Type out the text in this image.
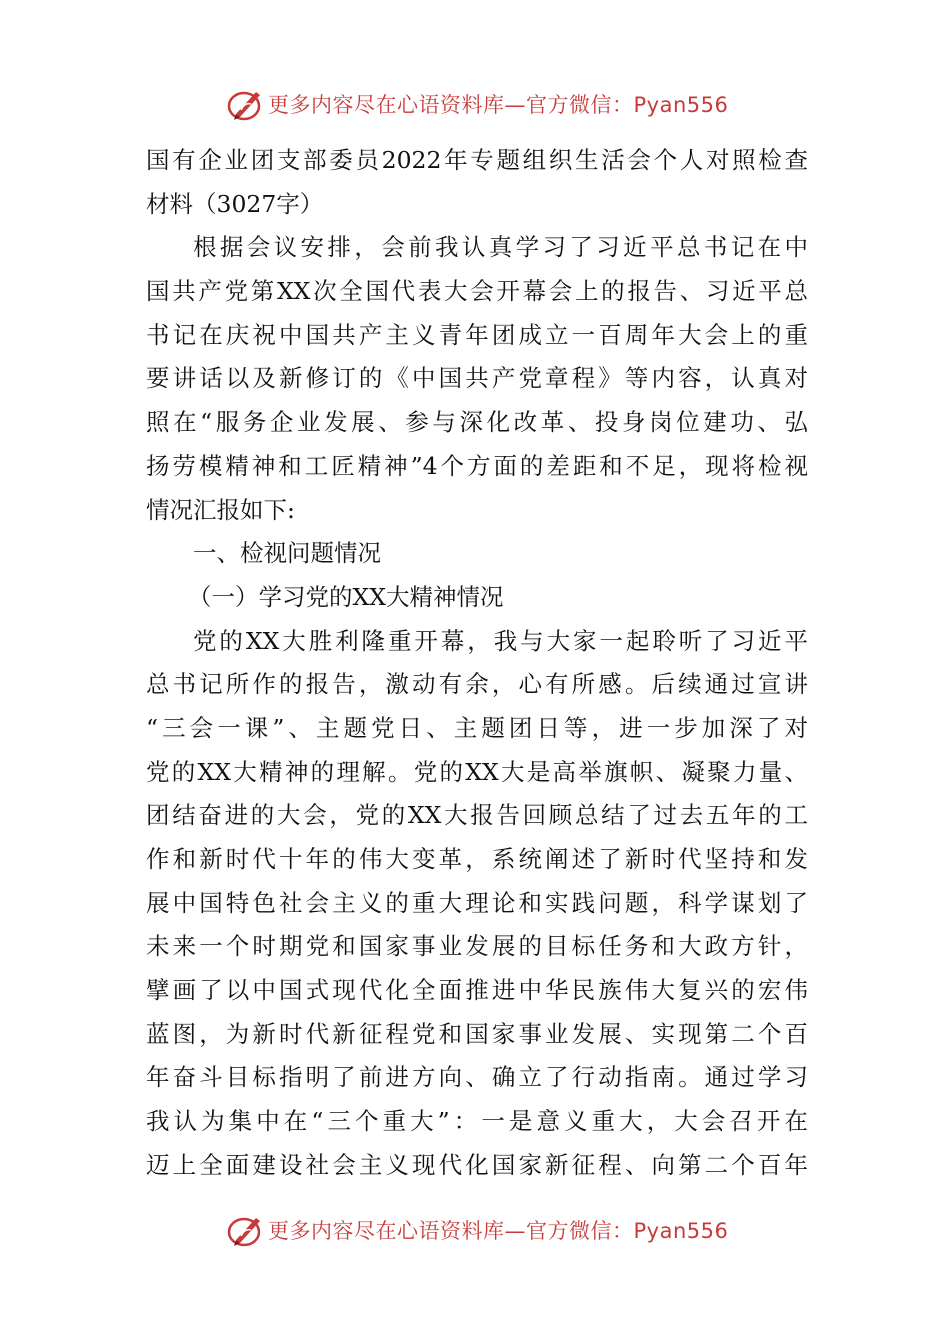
更多内容尽在心语资料库—官方微信：Pyan556
国有企业团支部委员2022年专题组织生活会个人对照检查
材料（3027字）
根据会议安排，会前我认真学习了习近平总书记在中
国共产党第XX次全国代表大会开幕会上的报告、习近平总
书记在庆祝中国共产主义青年团成立一百周年大会上的重
要讲话以及新修订的《中国共产党章程》等内容，认真对
照在“服务企业发展、参与深化改革、投身岗位建功、弘
扬劳模精神和工匠精神”4个方面的差距和不足，现将检视
情况汇报如下:
一、检视问题情况
（一）学习党的XX大精神情况
党的XX大胜利隆重开幕，我与大家一起聆听了习近平
总书记所作的报告，激动有余，心有所感。后续通过宣讲
“三会一课”、主题党日、主题团日等，进一步加深了对
党的XX大精神的理解。党的XX大是高举旗帜、凝聚力量、
团结奋进的大会，党的XX大报告回顾总结了过去五年的工
作和新时代十年的伟大变革，系统阐述了新时代坚持和发
展中国特色社会主义的重大理论和实践问题，科学谋划了
未来一个时期党和国家事业发展的目标任务和大政方针，
擘画了以中国式现代化全面推进中华民族伟大复兴的宏伟
蓝图，为新时代新征程党和国家事业发展、实现第二个百
年奋斗目标指明了前进方向、确立了行动指南。通过学习
我认为集中在“三个重大”：一是意义重大，大会召开在
迈上全面建设社会主义现代化国家新征程、向第二个百年
更多内容尽在心语资料库—官方微信：Pyan556
